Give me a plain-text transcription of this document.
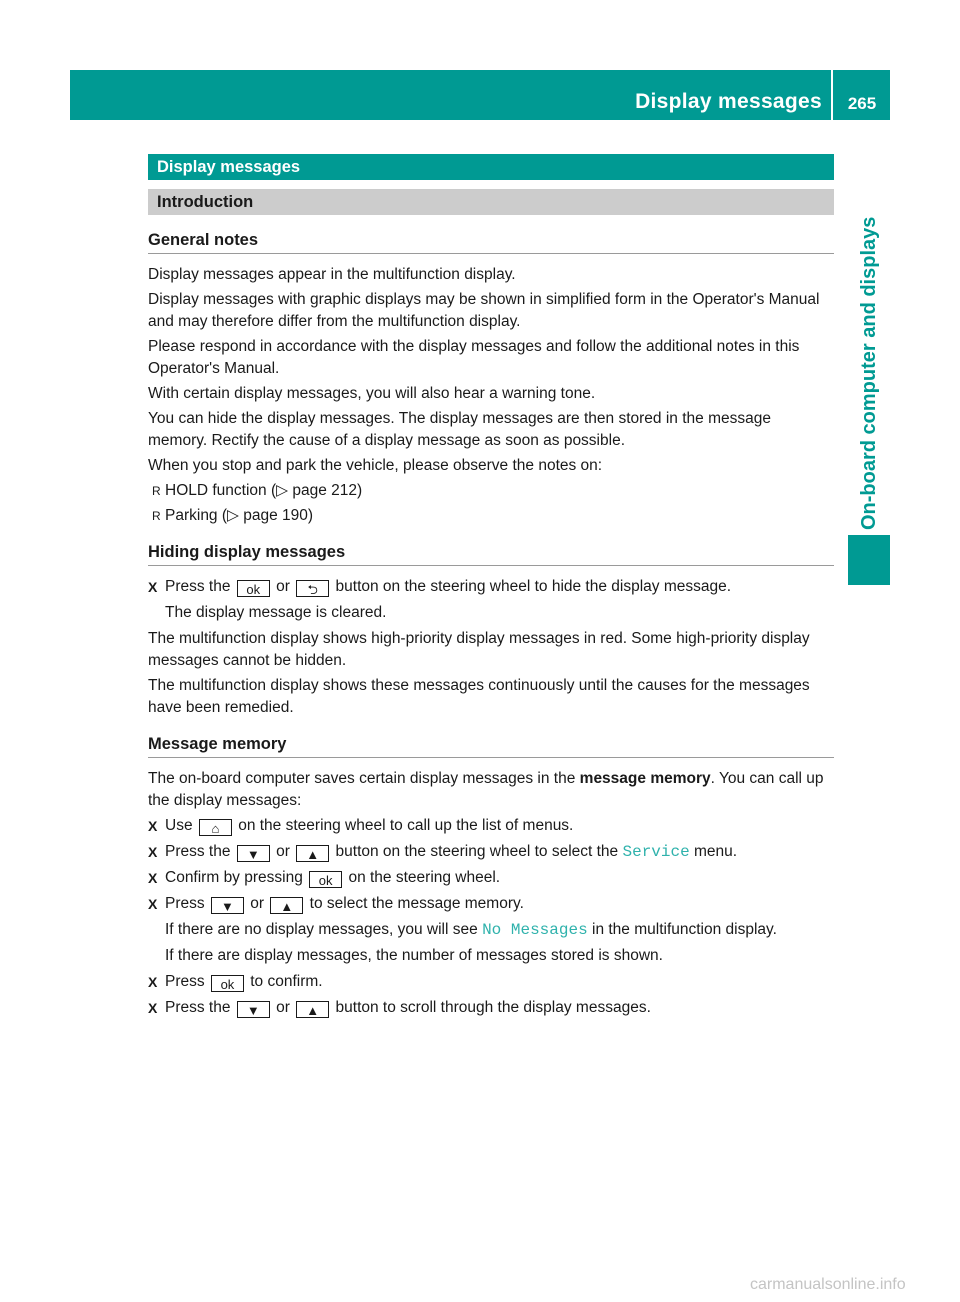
Display messages	265
On-board computer and displays
Display messages
Introduction
General notes

Display messages appear in the multifunction display.

Display messages with graphic displays may be shown in simplified form in the Operator's Manual and may therefore differ from the multifunction display.

Please respond in accordance with the display messages and follow the additional notes in this Operator's Manual.

With certain display messages, you will also hear a warning tone.

You can hide the display messages. The display messages are then stored in the message memory. Rectify the cause of a display message as soon as possible.

When you stop and park the vehicle, please observe the notes on:

R HOLD function (▷ page 212)
R Parking (▷ page 190)
Hiding display messages
X Press the ok or ⮌ button on the steering wheel to hide the display message.
The display message is cleared.

The multifunction display shows high-priority display messages in red. Some high-priority display messages cannot be hidden.

The multifunction display shows these messages continuously until the causes for the messages have been remedied.

Message memory

The on-board computer saves certain display messages in the message memory. You can call up the display messages:

X Use ⌂ on the steering wheel to call up the list of menus.
X Press the ▼ or ▲ button on the steering wheel to select the Service menu.
X Confirm by pressing ok on the steering wheel.
X Press ▼ or ▲ to select the message memory.
If there are no display messages, you will see No Messages in the multifunction display.
If there are display messages, the number of messages stored is shown.
X Press ok to confirm.
X Press the ▼ or ▲ button to scroll through the display messages.
carmanualsonline.info
